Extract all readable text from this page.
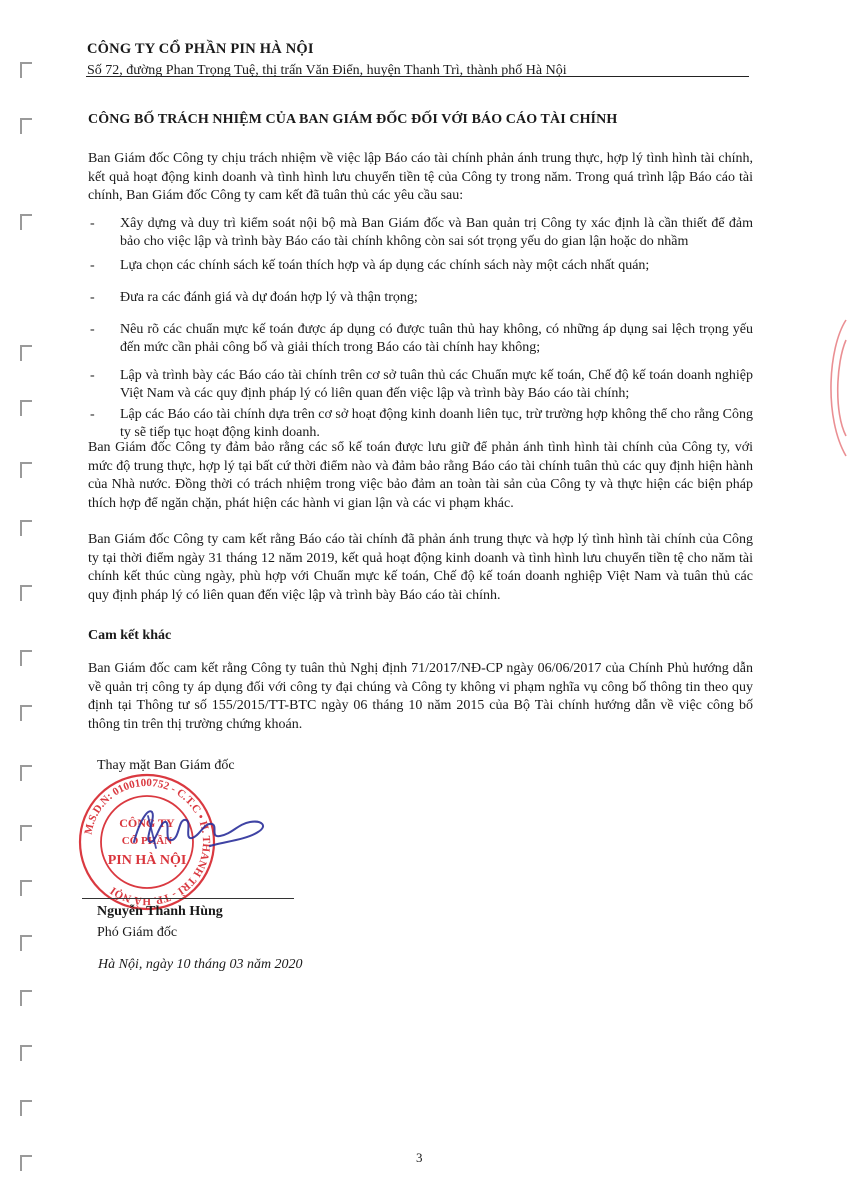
CÔNG TY CỔ PHẦN PIN HÀ NỘI
Số 72, đường Phan Trọng Tuệ, thị trấn Văn Điển, huyện Thanh Trì, thành phố Hà Nội
CÔNG BỐ TRÁCH NHIỆM CỦA BAN GIÁM ĐỐC ĐỐI VỚI BÁO CÁO TÀI CHÍNH

Ban Giám đốc Công ty chịu trách nhiệm về việc lập Báo cáo tài chính phản ánh trung thực, hợp lý tình hình tài chính, kết quả hoạt động kinh doanh và tình hình lưu chuyển tiền tệ của Công ty trong năm. Trong quá trình lập Báo cáo tài chính, Ban Giám đốc Công ty cam kết đã tuân thủ các yêu cầu sau:

- Xây dựng và duy trì kiểm soát nội bộ mà Ban Giám đốc và Ban quản trị Công ty xác định là cần thiết để đảm bảo cho việc lập và trình bày Báo cáo tài chính không còn sai sót trọng yếu do gian lận hoặc do nhầm
- Lựa chọn các chính sách kế toán thích hợp và áp dụng các chính sách này một cách nhất quán;
- Đưa ra các đánh giá và dự đoán hợp lý và thận trọng;
- Nêu rõ các chuẩn mực kế toán được áp dụng có được tuân thủ hay không, có những áp dụng sai lệch trọng yếu đến mức cần phải công bố và giải thích trong Báo cáo tài chính hay không;
- Lập và trình bày các Báo cáo tài chính trên cơ sở tuân thủ các Chuẩn mực kế toán, Chế độ kế toán doanh nghiệp Việt Nam và các quy định pháp lý có liên quan đến việc lập và trình bày Báo cáo tài chính;
- Lập các Báo cáo tài chính dựa trên cơ sở hoạt động kinh doanh liên tục, trừ trường hợp không thể cho rằng Công ty sẽ tiếp tục hoạt động kinh doanh.

Ban Giám đốc Công ty đảm bảo rằng các sổ kế toán được lưu giữ để phản ánh tình hình tài chính của Công ty, với mức độ trung thực, hợp lý tại bất cứ thời điểm nào và đảm bảo rằng Báo cáo tài chính tuân thủ các quy định hiện hành của Nhà nước. Đồng thời có trách nhiệm trong việc bảo đảm an toàn tài sản của Công ty và thực hiện các biện pháp thích hợp để ngăn chặn, phát hiện các hành vi gian lận và các vi phạm khác.

Ban Giám đốc Công ty cam kết rằng Báo cáo tài chính đã phản ánh trung thực và hợp lý tình hình tài chính của Công ty tại thời điểm ngày 31 tháng 12 năm 2019, kết quả hoạt động kinh doanh và tình hình lưu chuyển tiền tệ cho năm tài chính kết thúc cùng ngày, phù hợp với Chuẩn mực kế toán, Chế độ kế toán doanh nghiệp Việt Nam và tuân thủ các quy định pháp lý có liên quan đến việc lập và trình bày Báo cáo tài chính.

Cam kết khác

Ban Giám đốc cam kết rằng Công ty tuân thủ Nghị định 71/2017/NĐ-CP ngày 06/06/2017 của Chính Phủ hướng dẫn về quản trị công ty áp dụng đối với công ty đại chúng và Công ty không vi phạm nghĩa vụ công bố thông tin theo quy định tại Thông tư số 155/2015/TT-BTC ngày 06 tháng 10 năm 2015 của Bộ Tài chính hướng dẫn về việc công bố thông tin trên thị trường chứng khoán.

Thay mặt Ban Giám đốc
M.S.D.N: 0100100752 - C.T.C • H. THANH TRÌ - TP. HÀ NỘI
CÔNG TY
CỔ PHẦN
PIN HÀ NỘI
Nguyễn Thanh Hùng
Phó Giám đốc
Hà Nội, ngày 10 tháng 03 năm 2020
3
